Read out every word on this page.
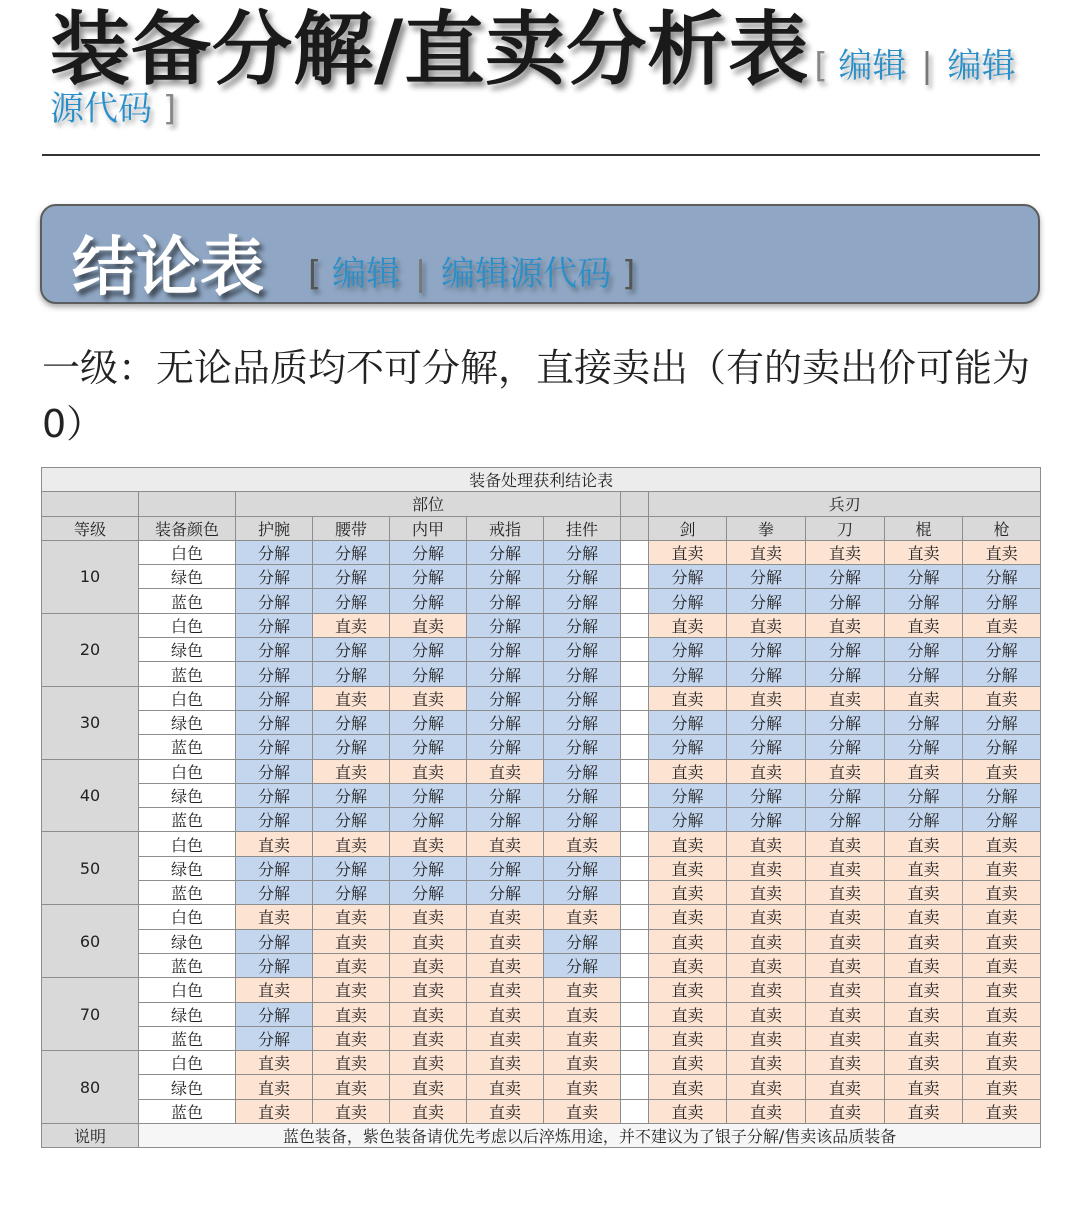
装备分解/直卖分析表 [ 编辑 | 编辑源代码 ]
结论表 [ 编辑 | 编辑源代码 ]
一级：无论品质均不可分解，直接卖出（有的卖出价可能为0）
装备处理获利结论表												
		部位						兵刃				
等级	装备颜色	护腕	腰带	内甲	戒指	挂件		剑	拳	刀	棍	枪
10	白色	分解	分解	分解	分解	分解		直卖	直卖	直卖	直卖	直卖
	绿色	分解	分解	分解	分解	分解		分解	分解	分解	分解	分解
	蓝色	分解	分解	分解	分解	分解		分解	分解	分解	分解	分解
20	白色	分解	直卖	直卖	分解	分解		直卖	直卖	直卖	直卖	直卖
	绿色	分解	分解	分解	分解	分解		分解	分解	分解	分解	分解
	蓝色	分解	分解	分解	分解	分解		分解	分解	分解	分解	分解
30	白色	分解	直卖	直卖	分解	分解		直卖	直卖	直卖	直卖	直卖
	绿色	分解	分解	分解	分解	分解		分解	分解	分解	分解	分解
	蓝色	分解	分解	分解	分解	分解		分解	分解	分解	分解	分解
40	白色	分解	直卖	直卖	直卖	分解		直卖	直卖	直卖	直卖	直卖
	绿色	分解	分解	分解	分解	分解		分解	分解	分解	分解	分解
	蓝色	分解	分解	分解	分解	分解		分解	分解	分解	分解	分解
50	白色	直卖	直卖	直卖	直卖	直卖		直卖	直卖	直卖	直卖	直卖
	绿色	分解	分解	分解	分解	分解		直卖	直卖	直卖	直卖	直卖
	蓝色	分解	分解	分解	分解	分解		直卖	直卖	直卖	直卖	直卖
60	白色	直卖	直卖	直卖	直卖	直卖		直卖	直卖	直卖	直卖	直卖
	绿色	分解	直卖	直卖	直卖	分解		直卖	直卖	直卖	直卖	直卖
	蓝色	分解	直卖	直卖	直卖	分解		直卖	直卖	直卖	直卖	直卖
70	白色	直卖	直卖	直卖	直卖	直卖		直卖	直卖	直卖	直卖	直卖
	绿色	分解	直卖	直卖	直卖	直卖		直卖	直卖	直卖	直卖	直卖
	蓝色	分解	直卖	直卖	直卖	直卖		直卖	直卖	直卖	直卖	直卖
80	白色	直卖	直卖	直卖	直卖	直卖		直卖	直卖	直卖	直卖	直卖
	绿色	直卖	直卖	直卖	直卖	直卖		直卖	直卖	直卖	直卖	直卖
	蓝色	直卖	直卖	直卖	直卖	直卖		直卖	直卖	直卖	直卖	直卖
说明	蓝色装备，紫色装备请优先考虑以后淬炼用途，并不建议为了银子分解/售卖该品质装备											
